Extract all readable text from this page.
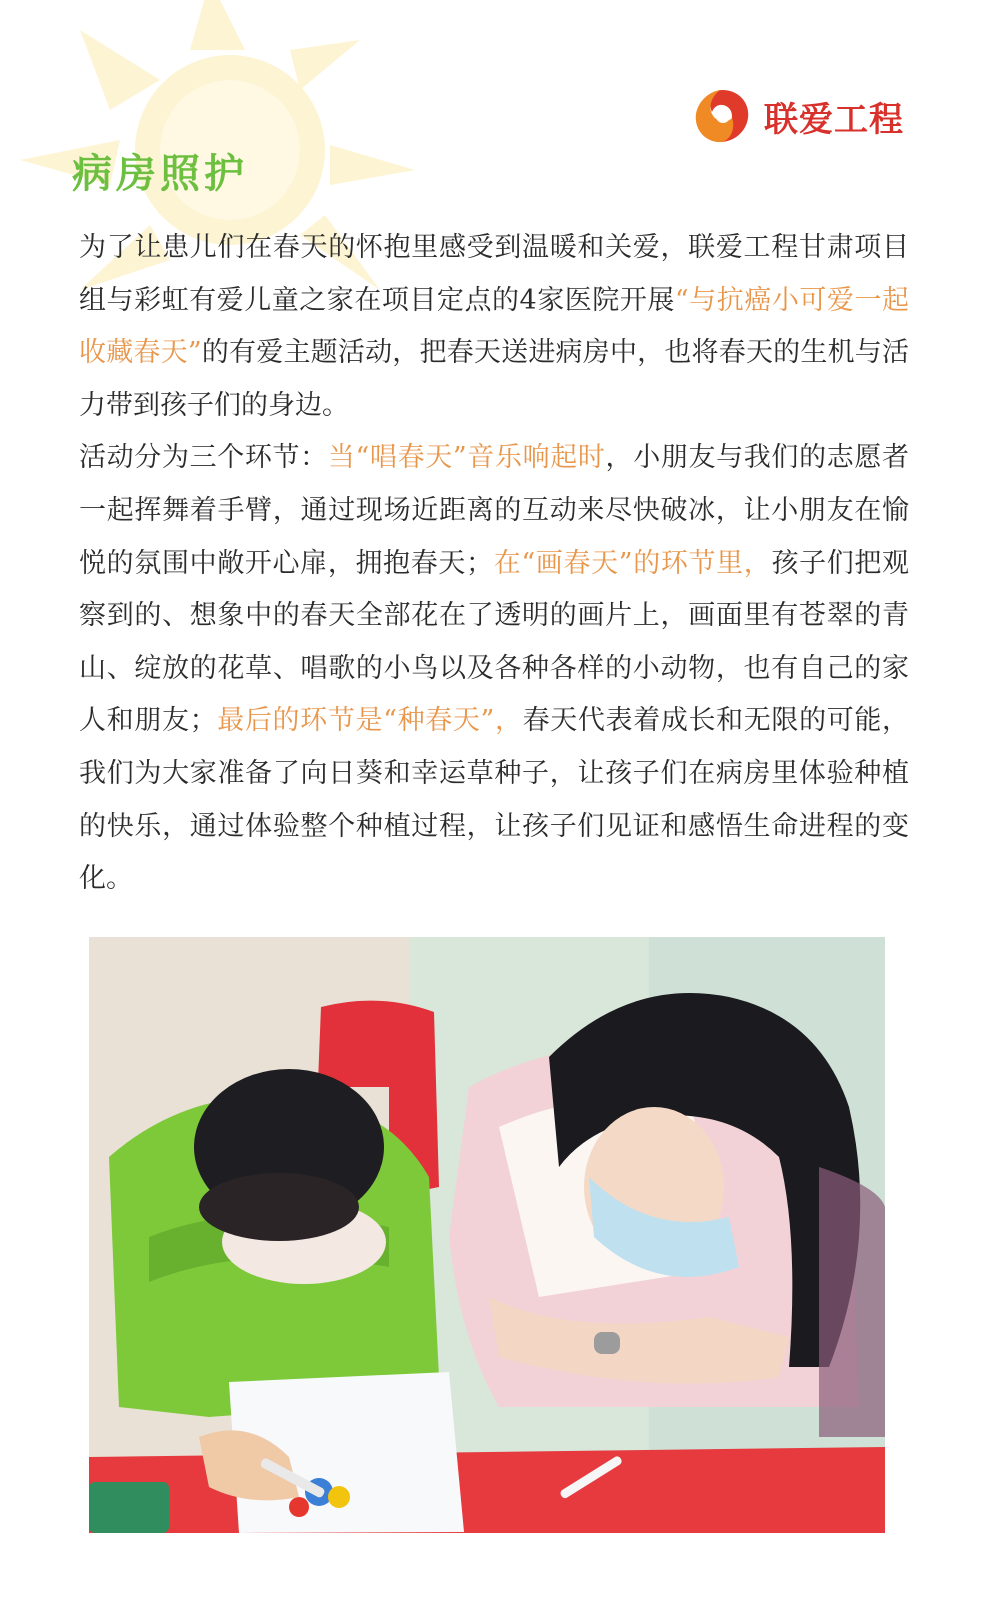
联爱工程
病房照护
为了让患儿们在春天的怀抱里感受到温暖和关爱，联爱工程甘肃项目组与彩虹有爱儿童之家在项目定点的4家医院开展“与抗癌小可爱一起收藏春天”的有爱主题活动，把春天送进病房中，也将春天的生机与活力带到孩子们的身边。
活动分为三个环节：当“唱春天”音乐响起时，小朋友与我们的志愿者一起挥舞着手臂，通过现场近距离的互动来尽快破冰，让小朋友在愉悦的氛围中敞开心扉，拥抱春天；在“画春天”的环节里，孩子们把观察到的、想象中的春天全部花在了透明的画片上，画面里有苍翠的青山、绽放的花草、唱歌的小鸟以及各种各样的小动物，也有自己的家人和朋友；最后的环节是“种春天”，春天代表着成长和无限的可能，我们为大家准备了向日葵和幸运草种子，让孩子们在病房里体验种植的快乐，通过体验整个种植过程，让孩子们见证和感悟生命进程的变化。
